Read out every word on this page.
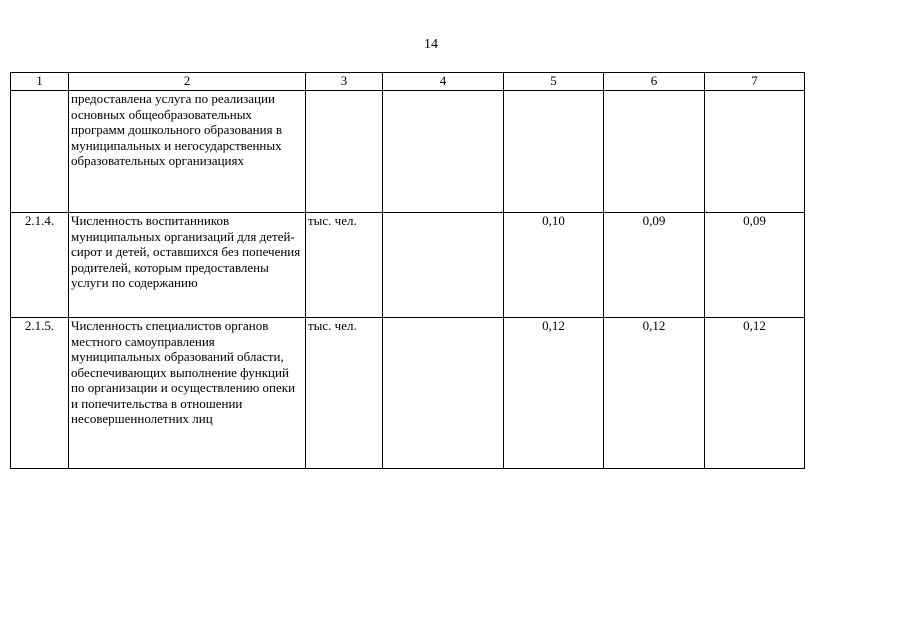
14
1	2	3	4	5	6	7
	предоставлена услуга по реализации основных общеобразовательных программ дошкольного образования в муниципальных и негосударственных образовательных организациях					
2.1.4.	Численность воспитанников муниципальных организаций для детей-сирот и детей, оставшихся без попечения родителей, которым предоставлены услуги по содержанию	тыс. чел.		0,10	0,09	0,09
2.1.5.	Численность специалистов органов местного самоуправления муниципальных образований области, обеспечивающих выполнение функций по организации и осуществлению опеки и попечительства в отношении несовершеннолетних лиц	тыс. чел.		0,12	0,12	0,12
